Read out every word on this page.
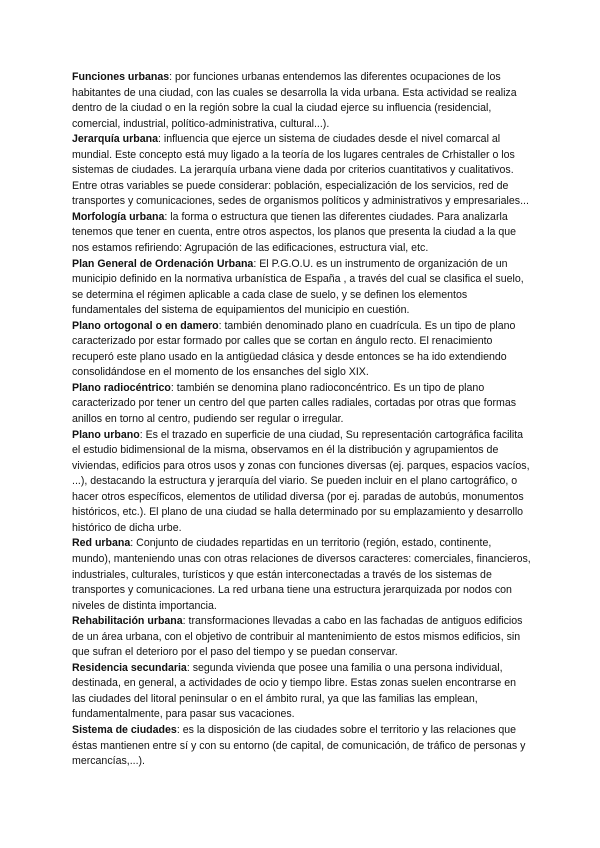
Funciones urbanas: por funciones urbanas entendemos las diferentes ocupaciones de los habitantes de una ciudad, con las cuales se desarrolla la vida urbana. Esta actividad se realiza dentro de la ciudad o en la región sobre la cual la ciudad ejerce su influencia (residencial, comercial, industrial, político-administrativa, cultural...).

Jerarquía urbana: influencia que ejerce un sistema de ciudades desde el nivel comarcal al mundial. Este concepto está muy ligado a la teoría de los lugares centrales de Crhistaller o los sistemas de ciudades. La jerarquía urbana viene dada por criterios cuantitativos y cualitativos. Entre otras variables se puede considerar: población, especialización de los servicios, red de transportes y comunicaciones, sedes de organismos políticos y administrativos y empresariales...

Morfología urbana: la forma o estructura que tienen las diferentes ciudades. Para analizarla tenemos que tener en cuenta, entre otros aspectos, los planos que presenta la ciudad a la que nos estamos refiriendo: Agrupación de las edificaciones, estructura vial, etc.

Plan General de Ordenación Urbana: El P.G.O.U. es un instrumento de organización de un municipio definido en la normativa urbanística de España , a través del cual se clasifica el suelo, se determina el régimen aplicable a cada clase de suelo, y se definen los elementos fundamentales del sistema de equipamientos del municipio en cuestión.

Plano ortogonal o en damero: también denominado plano en cuadrícula. Es un tipo de plano caracterizado por estar formado por calles que se cortan en ángulo recto. El renacimiento recuperó este plano usado en la antigüedad clásica y desde entonces se ha ido extendiendo consolidándose en el momento de los ensanches del siglo XIX.

Plano radiocéntrico: también se denomina plano radioconcéntrico. Es un tipo de plano caracterizado por tener un centro del que parten calles radiales, cortadas por otras que formas anillos en torno al centro, pudiendo ser regular o irregular.

Plano urbano: Es el trazado en superficie de una ciudad, Su representación cartográfica facilita el estudio bidimensional de la misma, observamos en él la distribución y agrupamientos de viviendas, edificios para otros usos y zonas con funciones diversas (ej. parques, espacios vacíos, ...), destacando la estructura y jerarquía del viario. Se pueden incluir en el plano cartográfico, o hacer otros específicos, elementos de utilidad diversa (por ej. paradas de autobús, monumentos históricos, etc.). El plano de una ciudad se halla determinado por su emplazamiento y desarrollo histórico de dicha urbe.

Red urbana: Conjunto de ciudades repartidas en un territorio (región, estado, continente, mundo), manteniendo unas con otras relaciones de diversos caracteres: comerciales, financieros, industriales, culturales, turísticos y que están interconectadas a través de los sistemas de transportes y comunicaciones. La red urbana tiene una estructura jerarquizada por nodos con niveles de distinta importancia.

Rehabilitación urbana: transformaciones llevadas a cabo en las fachadas de antiguos edificios de un área urbana, con el objetivo de contribuir al mantenimiento de estos mismos edificios, sin que sufran el deterioro por el paso del tiempo y se puedan conservar.

Residencia secundaria: segunda vivienda que posee una familia o una persona individual, destinada, en general, a actividades de ocio y tiempo libre. Estas zonas suelen encontrarse en las ciudades del litoral peninsular o en el ámbito rural, ya que las familias las emplean, fundamentalmente, para pasar sus vacaciones.

Sistema de ciudades: es la disposición de las ciudades sobre el territorio y las relaciones que éstas mantienen entre sí y con su entorno (de capital, de comunicación, de tráfico de personas y mercancías,...).
